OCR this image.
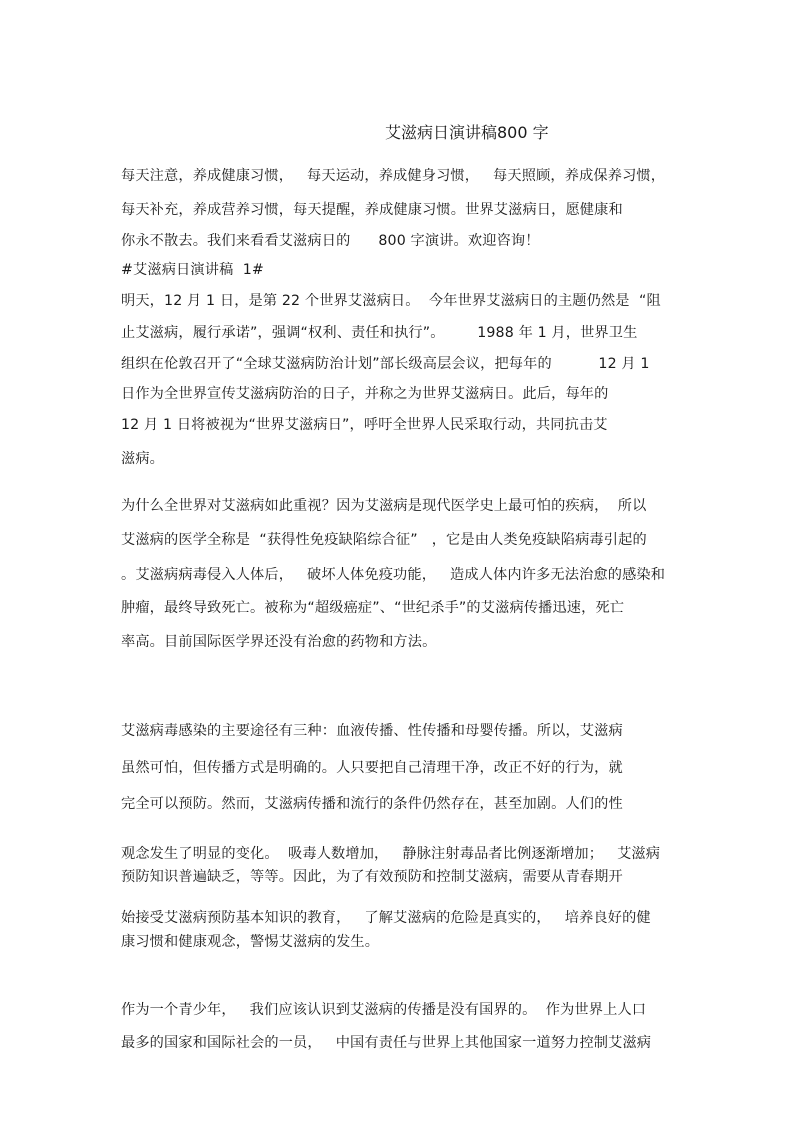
艾滋病日演讲稿800 字
每天注意，养成健康习惯，   每天运动，养成健身习惯，   每天照顾，养成保养习惯，
每天补充，养成营养习惯，每天提醒，养成健康习惯。世界艾滋病日，愿健康和
你永不散去。我们来看看艾滋病日的      800 字演讲。欢迎咨询！
#艾滋病日演讲稿  1#
明天，12 月 1 日，是第 22 个世界艾滋病日。  今年世界艾滋病日的主题仍然是  “阻
止艾滋病，履行承诺”，强调“权利、责任和执行”。       1988 年 1 月，世界卫生
组织在伦敦召开了“全球艾滋病防治计划”部长级高层会议，把每年的          12 月 1
日作为全世界宣传艾滋病防治的日子，并称之为世界艾滋病日。此后，每年的
12 月 1 日将被视为“世界艾滋病日”，呼吁全世界人民采取行动，共同抗击艾
滋病。
为什么全世界对艾滋病如此重视？因为艾滋病是现代医学史上最可怕的疾病，  所以
艾滋病的医学全称是  “获得性免疫缺陷综合征”   ，它是由人类免疫缺陷病毒引起的
。艾滋病病毒侵入人体后，   破坏人体免疫功能，   造成人体内许多无法治愈的感染和
肿瘤，最终导致死亡。被称为“超级癌症”、“世纪杀手”的艾滋病传播迅速，死亡
率高。目前国际医学界还没有治愈的药物和方法。
艾滋病毒感染的主要途径有三种：血液传播、性传播和母婴传播。所以，艾滋病
虽然可怕，但传播方式是明确的。人只要把自己清理干净，改正不好的行为，就
完全可以预防。然而，艾滋病传播和流行的条件仍然存在，甚至加剧。人们的性
观念发生了明显的变化。  吸毒人数增加，   静脉注射毒品者比例逐渐增加；   艾滋病
预防知识普遍缺乏，等等。因此，为了有效预防和控制艾滋病，需要从青春期开
始接受艾滋病预防基本知识的教育，   了解艾滋病的危险是真实的，   培养良好的健
康习惯和健康观念，警惕艾滋病的发生。
作为一个青少年，   我们应该认识到艾滋病的传播是没有国界的。  作为世界上人口
最多的国家和国际社会的一员，   中国有责任与世界上其他国家一道努力控制艾滋病
